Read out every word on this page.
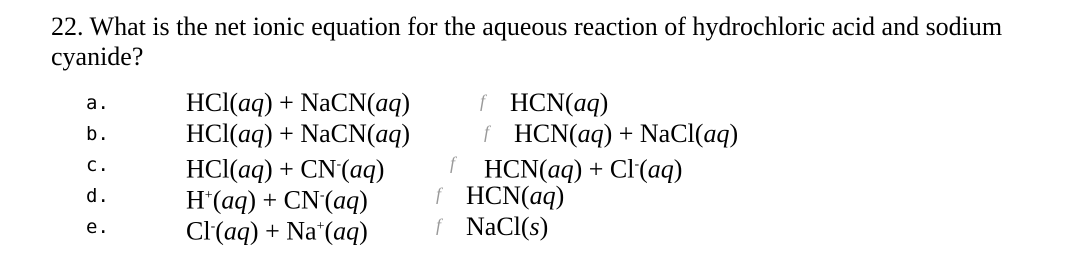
22. What is the net ionic equation for the aqueous reaction of hydrochloric acid and sodium cyanide?
a.	HCl(aq) + NaCN(aq)	f HCN(aq)
b.	HCl(aq) + NaCN(aq)	f HCN(aq) + NaCl(aq)
c.	HCl(aq) + CN-(aq)	f HCN(aq) + Cl-(aq)
d.	H+(aq) + CN-(aq)	f HCN(aq)
e.	Cl-(aq) + Na+(aq)	f NaCl(s)
